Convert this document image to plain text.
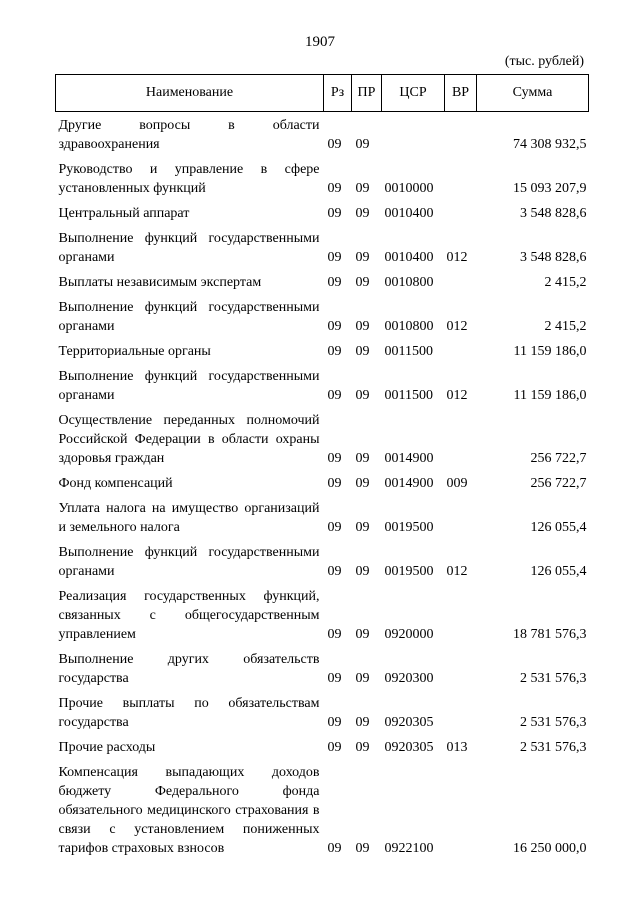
1907
(тыс. рублей)
Наименование	Рз	ПР	ЦСР	ВР	Сумма
Другие вопросы в области здравоохранения	09	09			74 308 932,5
Руководство и управление в сфере установленных функций	09	09	0010000		15 093 207,9
Центральный аппарат	09	09	0010400		3 548 828,6
Выполнение функций государственными органами	09	09	0010400	012	3 548 828,6
Выплаты независимым экспертам	09	09	0010800		2 415,2
Выполнение функций государственными органами	09	09	0010800	012	2 415,2
Территориальные органы	09	09	0011500		11 159 186,0
Выполнение функций государственными органами	09	09	0011500	012	11 159 186,0
Осуществление переданных полномочий Российской Федерации в области охраны здоровья граждан	09	09	0014900		256 722,7
Фонд компенсаций	09	09	0014900	009	256 722,7
Уплата налога на имущество организаций и земельного налога	09	09	0019500		126 055,4
Выполнение функций государственными органами	09	09	0019500	012	126 055,4
Реализация государственных функций, связанных с общегосударственным управлением	09	09	0920000		18 781 576,3
Выполнение других обязательств государства	09	09	0920300		2 531 576,3
Прочие выплаты по обязательствам государства	09	09	0920305		2 531 576,3
Прочие расходы	09	09	0920305	013	2 531 576,3
Компенсация выпадающих доходов бюджету Федерального фонда обязательного медицинского страхования в связи с установлением пониженных тарифов страховых взносов	09	09	0922100		16 250 000,0
